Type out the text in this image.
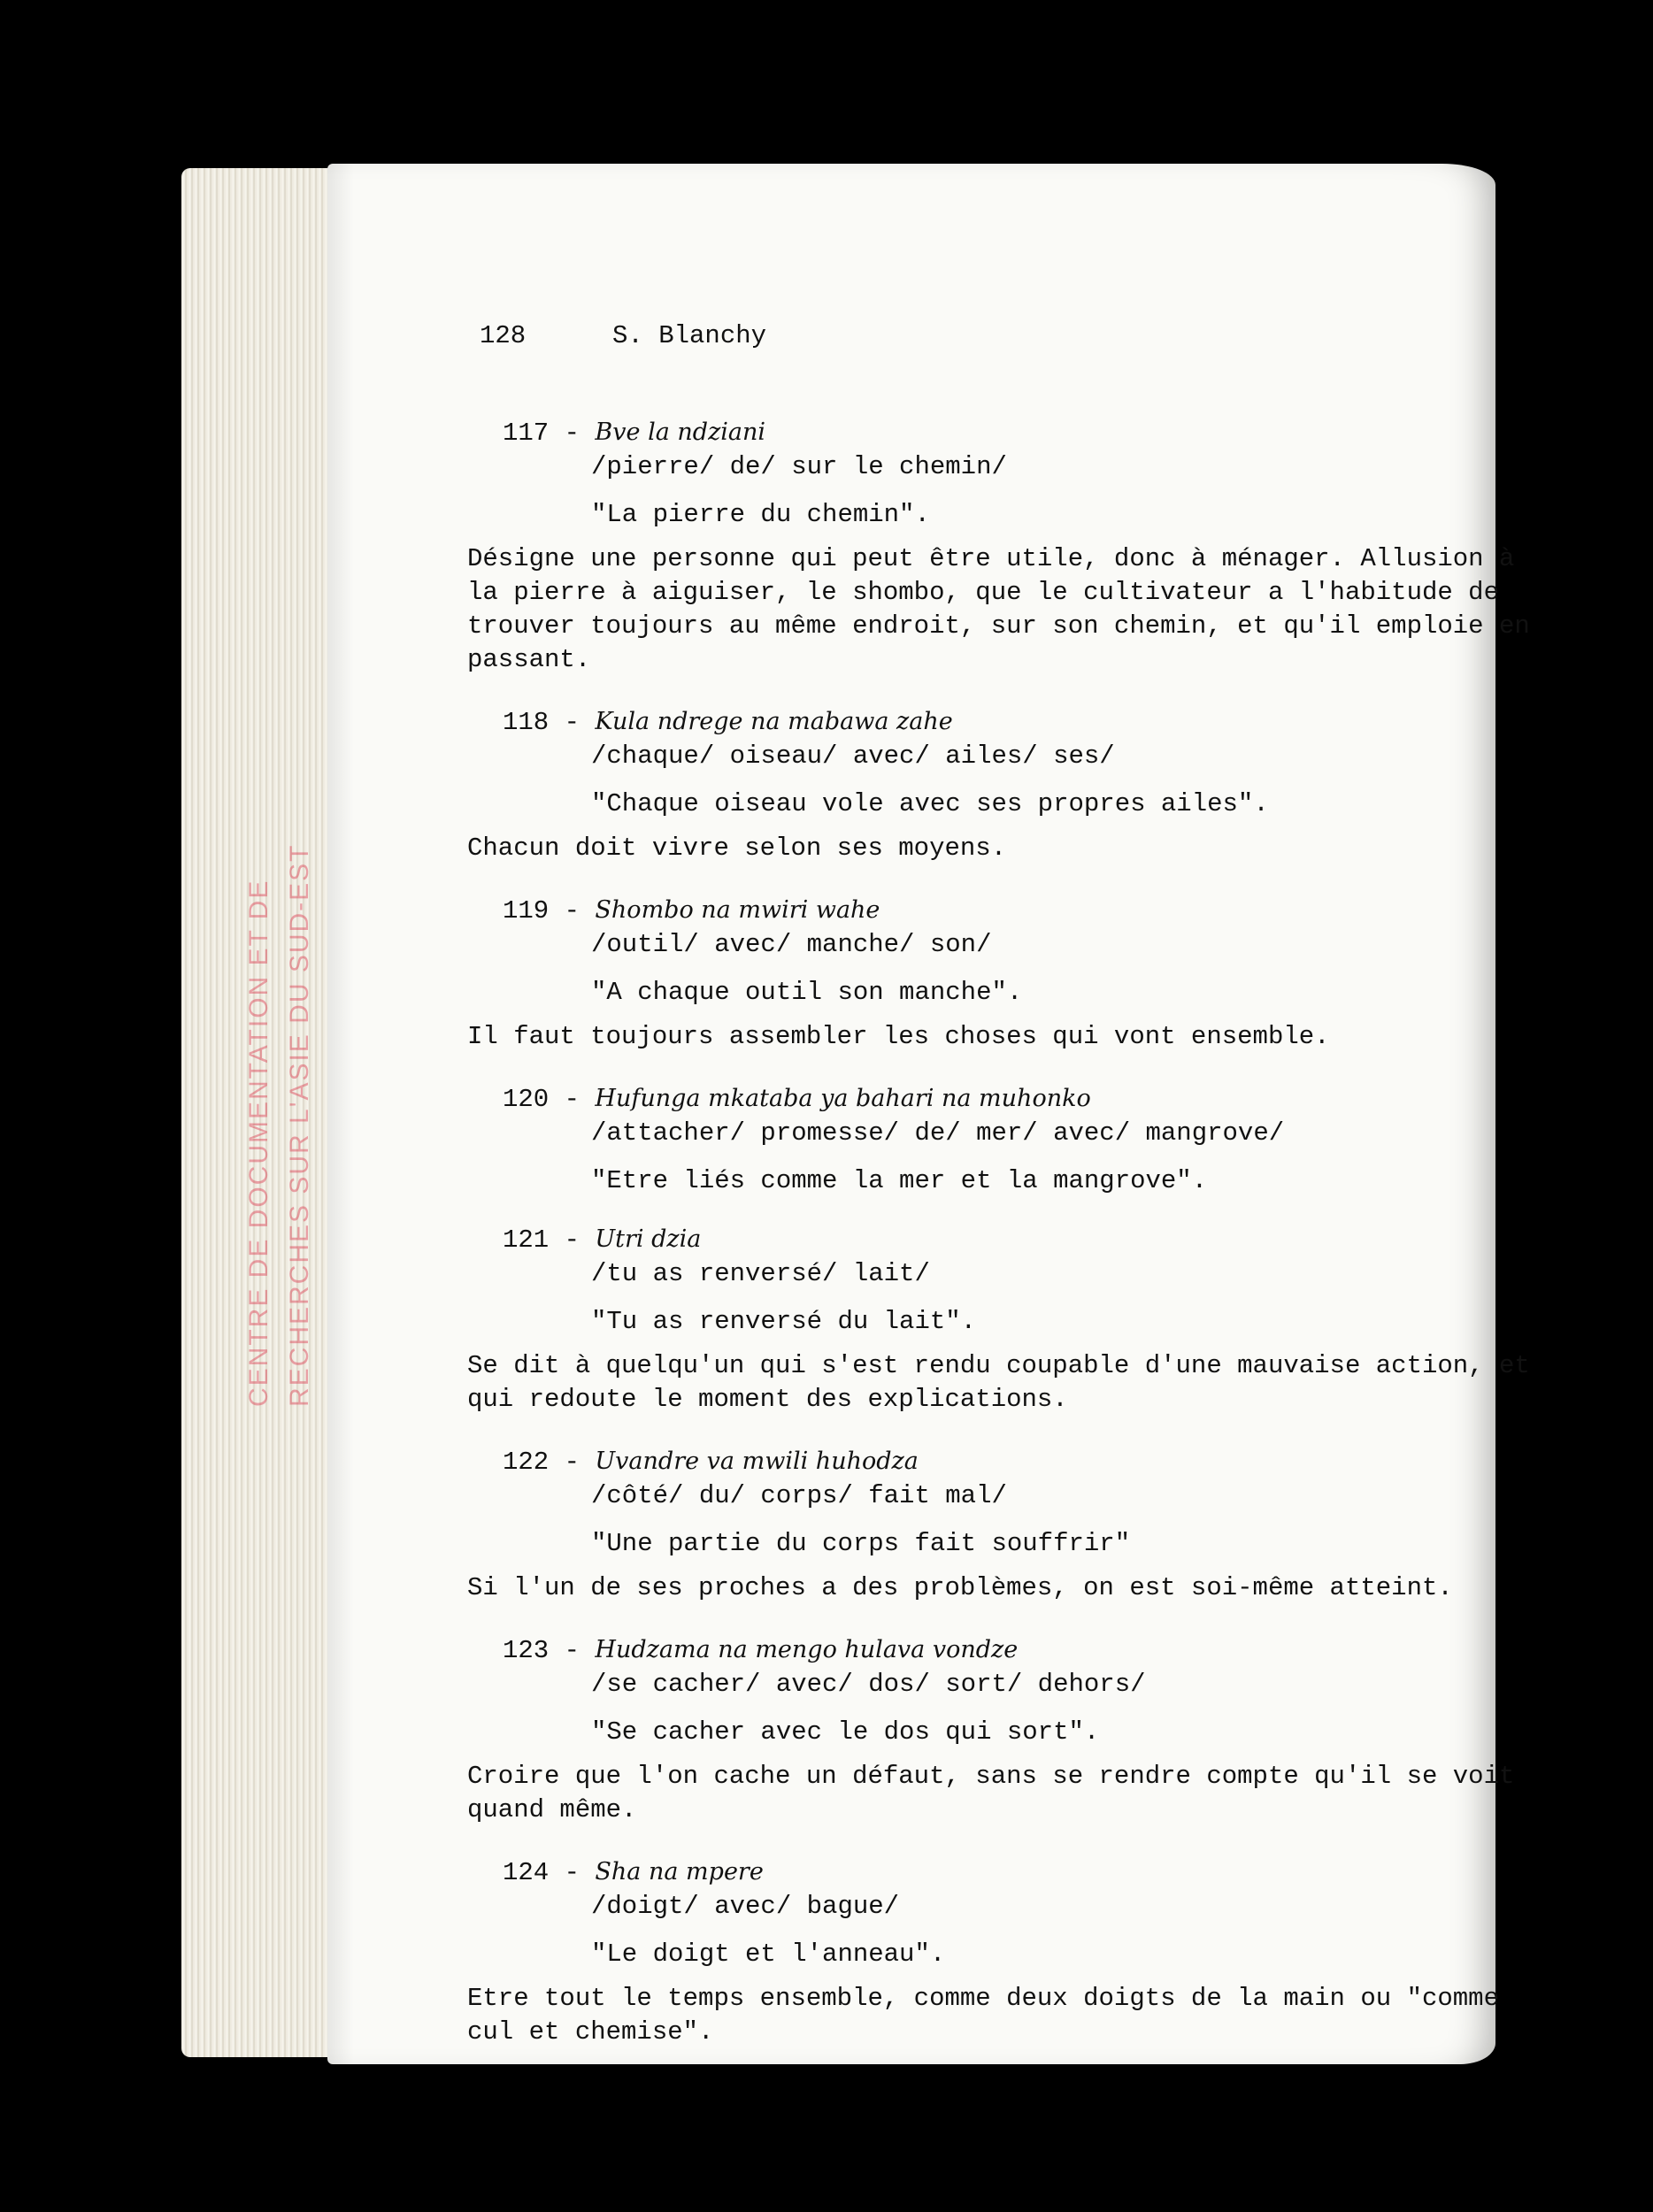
128	S. Blanchy

117 - Bve la ndziani

/pierre/ de/ sur le chemin/

"La pierre du chemin".

Désigne une personne qui peut être utile, donc à ménager. Allusion à
la pierre à aiguiser, le shombo, que le cultivateur a l'habitude de
trouver toujours au même endroit, sur son chemin, et qu'il emploie en
passant.

118 - Kula ndrege na mabawa zahe

/chaque/ oiseau/ avec/ ailes/ ses/

"Chaque oiseau vole avec ses propres ailes".

Chacun doit vivre selon ses moyens.

119 - Shombo na mwiri wahe

/outil/ avec/ manche/ son/

"A chaque outil son manche".

Il faut toujours assembler les choses qui vont ensemble.

120 - Hufunga mkataba ya bahari na muhonko

/attacher/ promesse/ de/ mer/ avec/ mangrove/

"Etre liés comme la mer et la mangrove".

121 - Utri dzia

/tu as renversé/ lait/

"Tu as renversé du lait".

Se dit à quelqu'un qui s'est rendu coupable d'une mauvaise action, et
qui redoute le moment des explications.

122 - Uvandre va mwili huhodza

/côté/ du/ corps/ fait mal/

"Une partie du corps fait souffrir"

Si l'un de ses proches a des problèmes, on est soi-même atteint.

123 - Hudzama na mengo hulava vondze

/se cacher/ avec/ dos/ sort/ dehors/

"Se cacher avec le dos qui sort".

Croire que l'on cache un défaut, sans se rendre compte qu'il se voit
quand même.

124 - Sha na mpere

/doigt/ avec/ bague/

"Le doigt et l'anneau".

Etre tout le temps ensemble, comme deux doigts de la main ou "comme
cul et chemise".
CENTRE DE DOCUMENTATION ET DE RECHERCHES SUR L'ASIE DU SUD-EST
